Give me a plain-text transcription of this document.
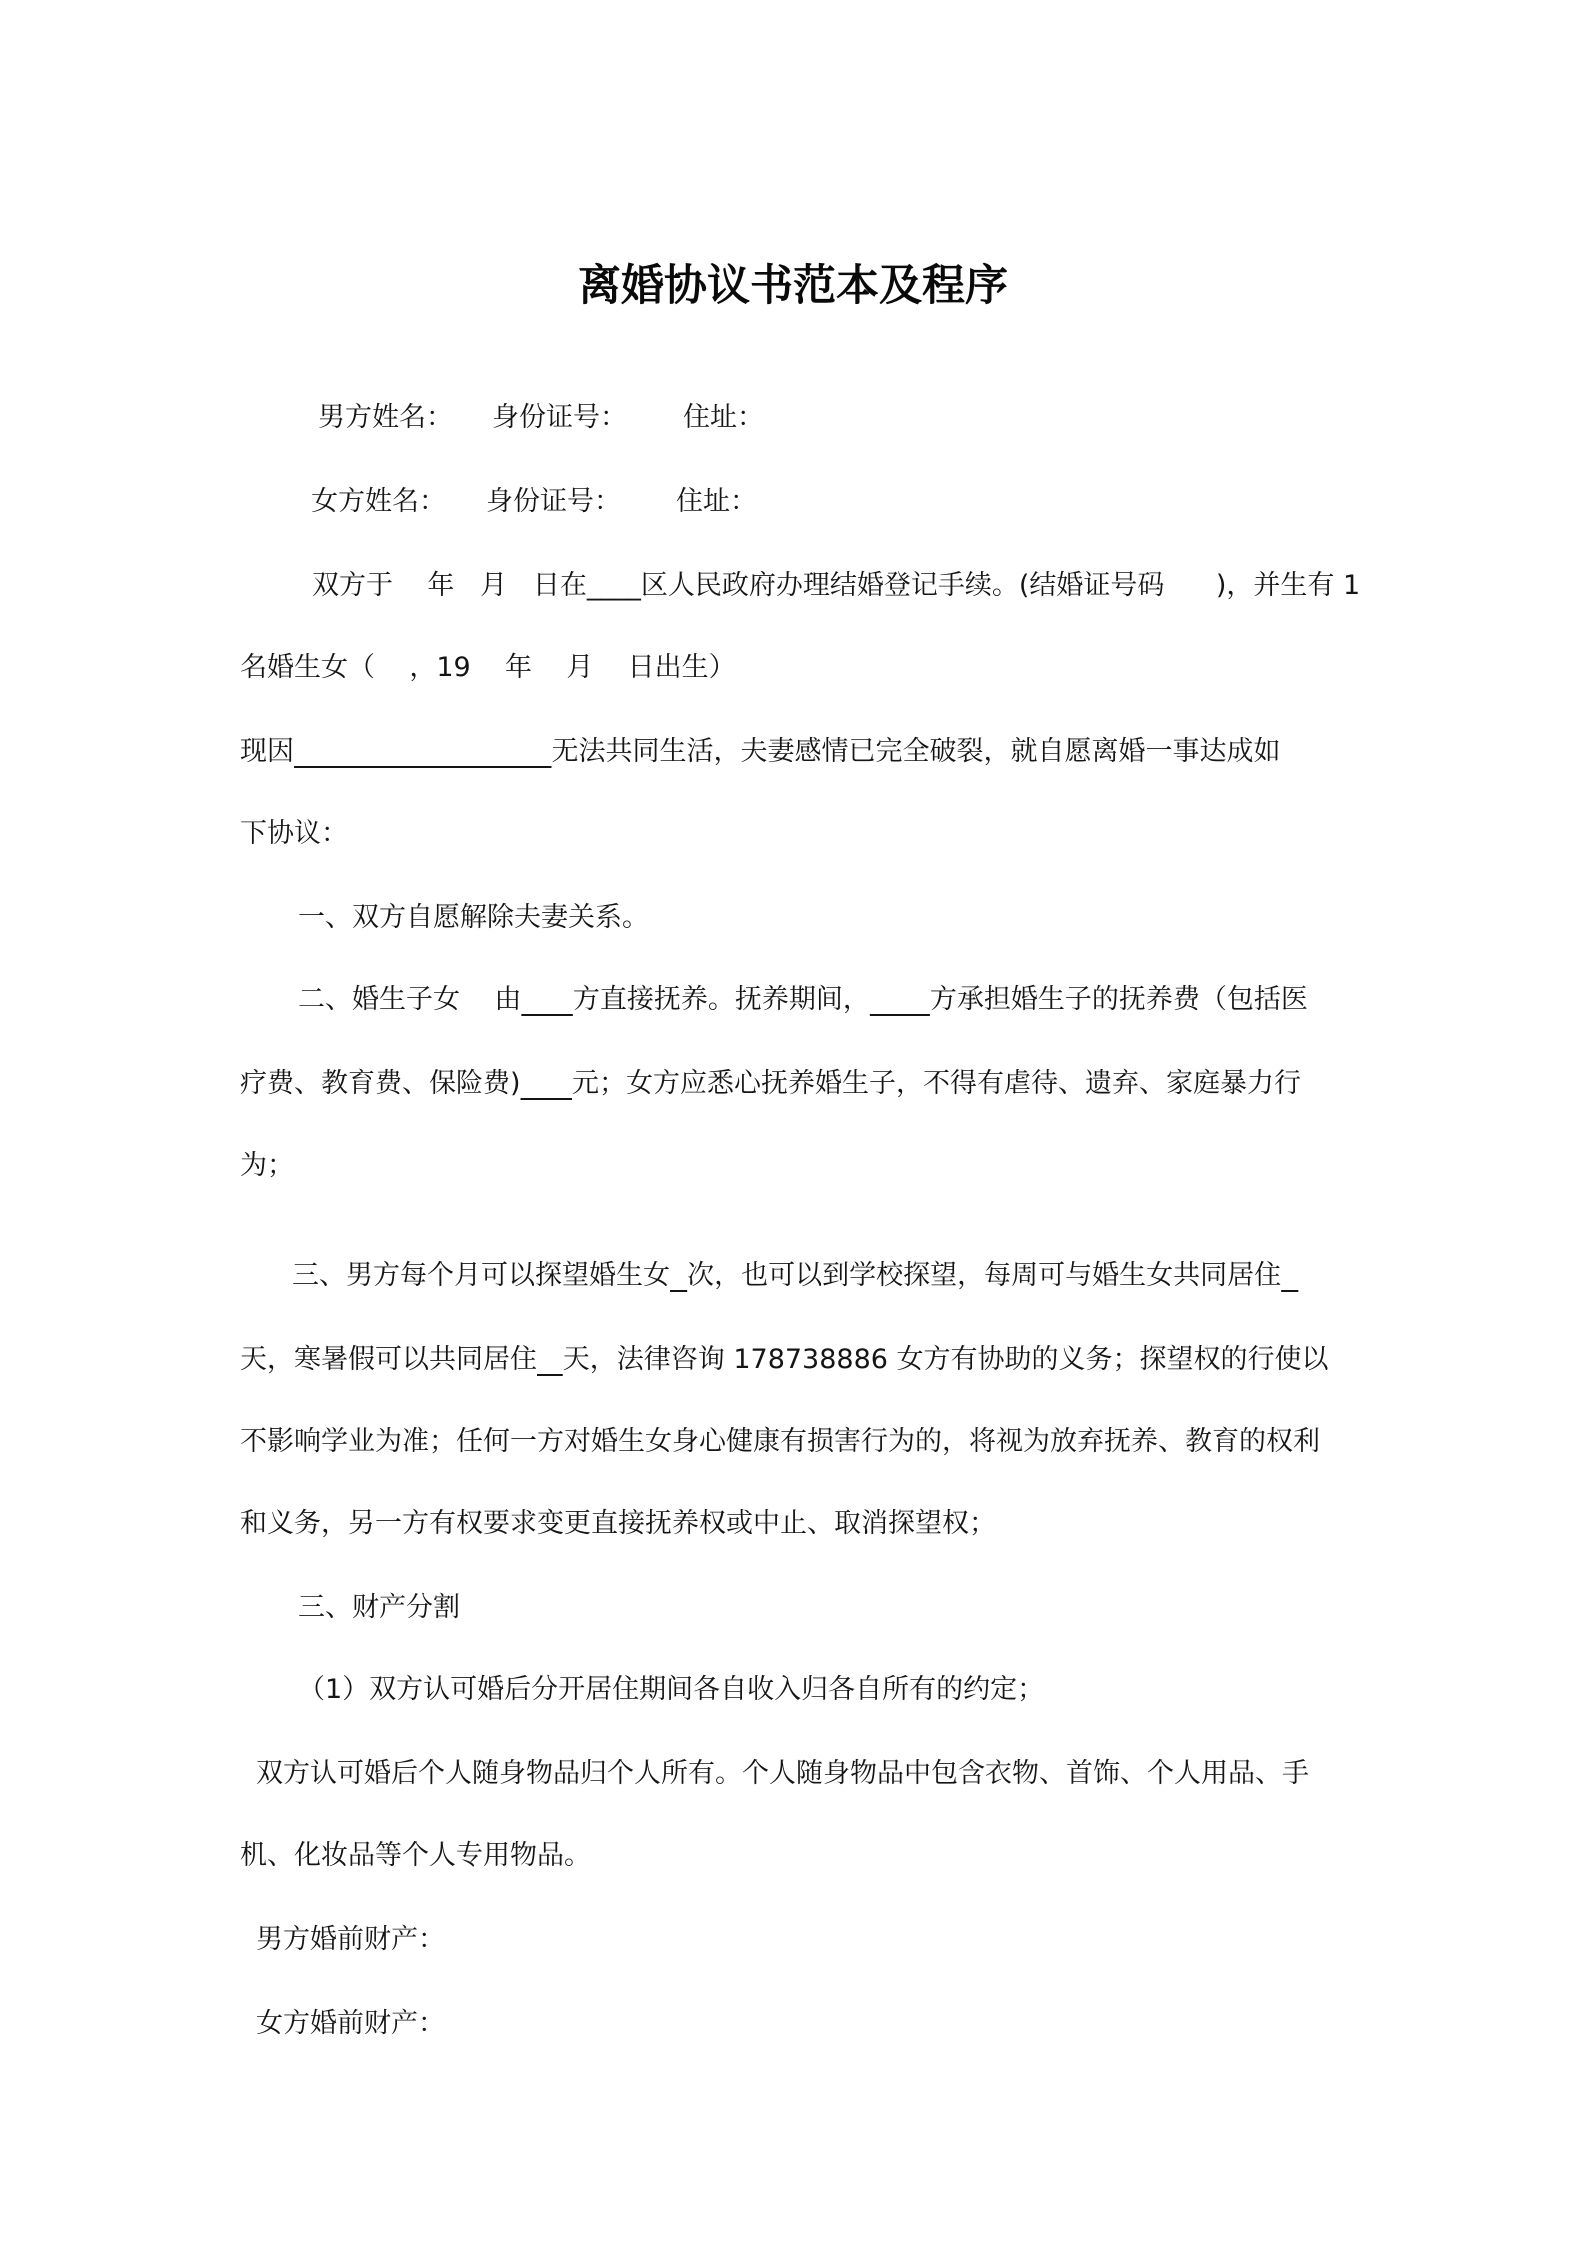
离婚协议书范本及程序
男方姓名： 身份证号： 住址：
女方姓名： 身份证号： 住址：
双方于    年   月   日在____区人民政府办理结婚登记手续。(结婚证号码      )，并生有 1
名婚生女（    ，19    年    月    日出生）
现因	无法共同生活，夫妻感情已完全破裂，就自愿离婚一事达成如
下协议：
一、双方自愿解除夫妻关系。
二、婚生子女    由 方直接抚养。抚养期间， 方承担婚生子的抚养费（包括医
疗费、教育费、保险费) 元；女方应悉心抚养婚生子，不得有虐待、遗弃、家庭暴力行
为；
三、男方每个月可以探望婚生女 次，也可以到学校探望，每周可与婚生女共同居住
天，寒暑假可以共同居住 天，法律咨询 178738886 女方有协助的义务；探望权的行使以
不影响学业为准；任何一方对婚生女身心健康有损害行为的，将视为放弃抚养、教育的权利
和义务，另一方有权要求变更直接抚养权或中止、取消探望权；
三、财产分割
（1）双方认可婚后分开居住期间各自收入归各自所有的约定；
双方认可婚后个人随身物品归个人所有。个人随身物品中包含衣物、首饰、个人用品、手
机、化妆品等个人专用物品。
男方婚前财产：
女方婚前财产：
